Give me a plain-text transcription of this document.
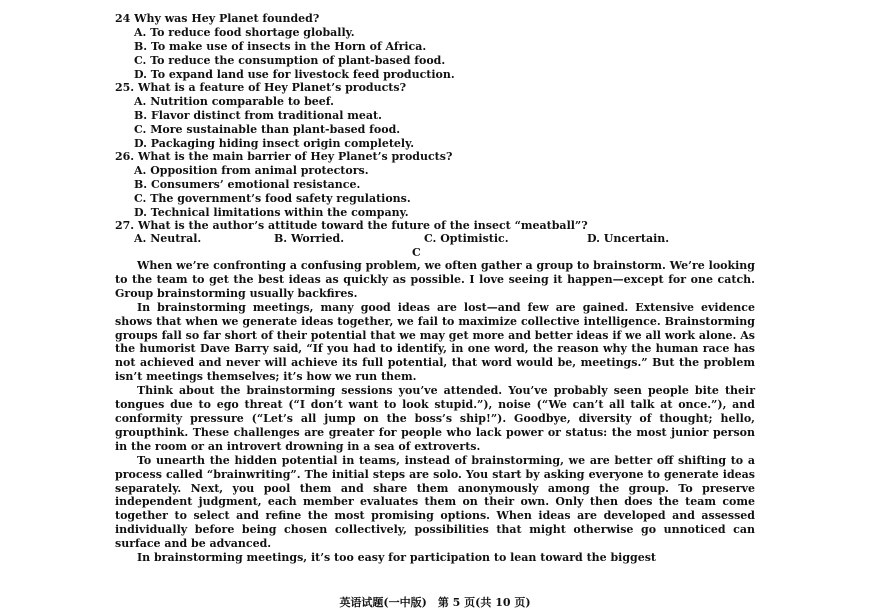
24 Why was Hey Planet founded?
A. To reduce food shortage globally.
B. To make use of insects in the Horn of Africa.
C. To reduce the consumption of plant-based food.
D. To expand land use for livestock feed production.
25. What is a feature of Hey Planet’s products?
A. Nutrition comparable to beef.
B. Flavor distinct from traditional meat.
C. More sustainable than plant-based food.
D. Packaging hiding insect origin completely.
26. What is the main barrier of Hey Planet’s products?
A. Opposition from animal protectors.
B. Consumers’ emotional resistance.
C. The government’s food safety regulations.
D. Technical limitations within the company.
27. What is the author’s attitude toward the future of the insect “meatball”?
A. Neutral.	B. Worried.	C. Optimistic.	D. Uncertain.
C

When we’re confronting a confusing problem, we often gather a group to brainstorm. We’re looking to the team to get the best ideas as quickly as possible. I love seeing it happen—except for one catch. Group brainstorming usually backfires.

In brainstorming meetings, many good ideas are lost—and few are gained. Extensive evidence shows that when we generate ideas together, we fail to maximize collective intelligence. Brainstorming groups fall so far short of their potential that we may get more and better ideas if we all work alone. As the humorist Dave Barry said, “If you had to identify, in one word, the reason why the human race has not achieved and never will achieve its full potential, that word would be, meetings.” But the problem isn’t meetings themselves; it’s how we run them.

Think about the brainstorming sessions you’ve attended. You’ve probably seen people bite their tongues due to ego threat (“I don’t want to look stupid.”), noise (“We can’t all talk at once.”), and conformity pressure (“Let’s all jump on the boss’s ship!”). Goodbye, diversity of thought; hello, groupthink. These challenges are greater for people who lack power or status: the most junior person in the room or an introvert drowning in a sea of extroverts.

To unearth the hidden potential in teams, instead of brainstorming, we are better off shifting to a process called “brainwriting”. The initial steps are solo. You start by asking everyone to generate ideas separately. Next, you pool them and share them anonymously among the group. To preserve independent judgment, each member evaluates them on their own. Only then does the team come together to select and refine the most promising options. When ideas are developed and assessed individually before being chosen collectively, possibilities that might otherwise go unnoticed can surface and be advanced.

In brainstorming meetings, it’s too easy for participation to lean toward the biggest

英语试题(一中版)　第 5 页(共 10 页)
